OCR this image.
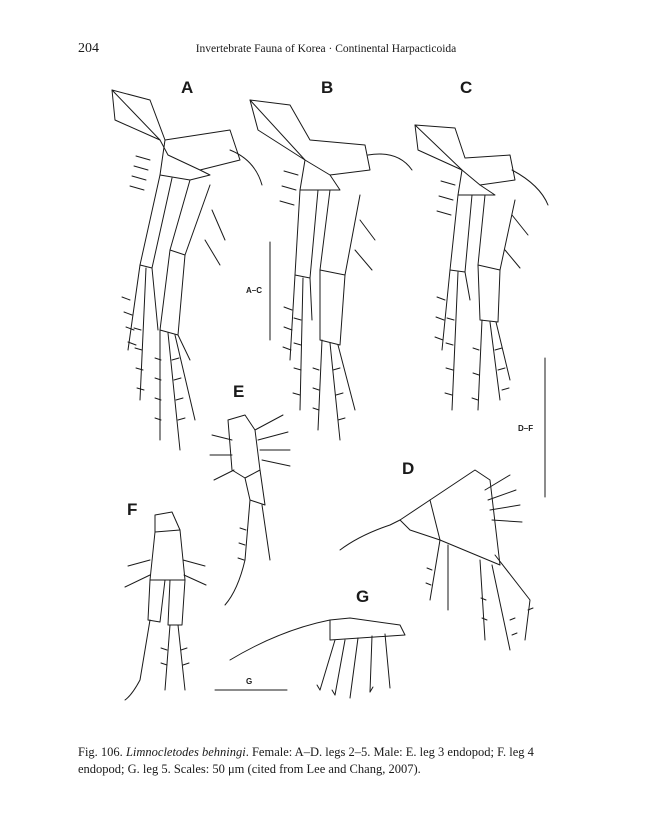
204	Invertebrate Fauna of Korea · Continental Harpacticoida
A	B	C
D
E
F
G
A–C
D–F
G

Fig. 106. Limnocletodes behningi. Female: A–D. legs 2–5. Male: E. leg 3 endopod; F. leg 4 endopod; G. leg 5. Scales: 50 μm (cited from Lee and Chang, 2007).
